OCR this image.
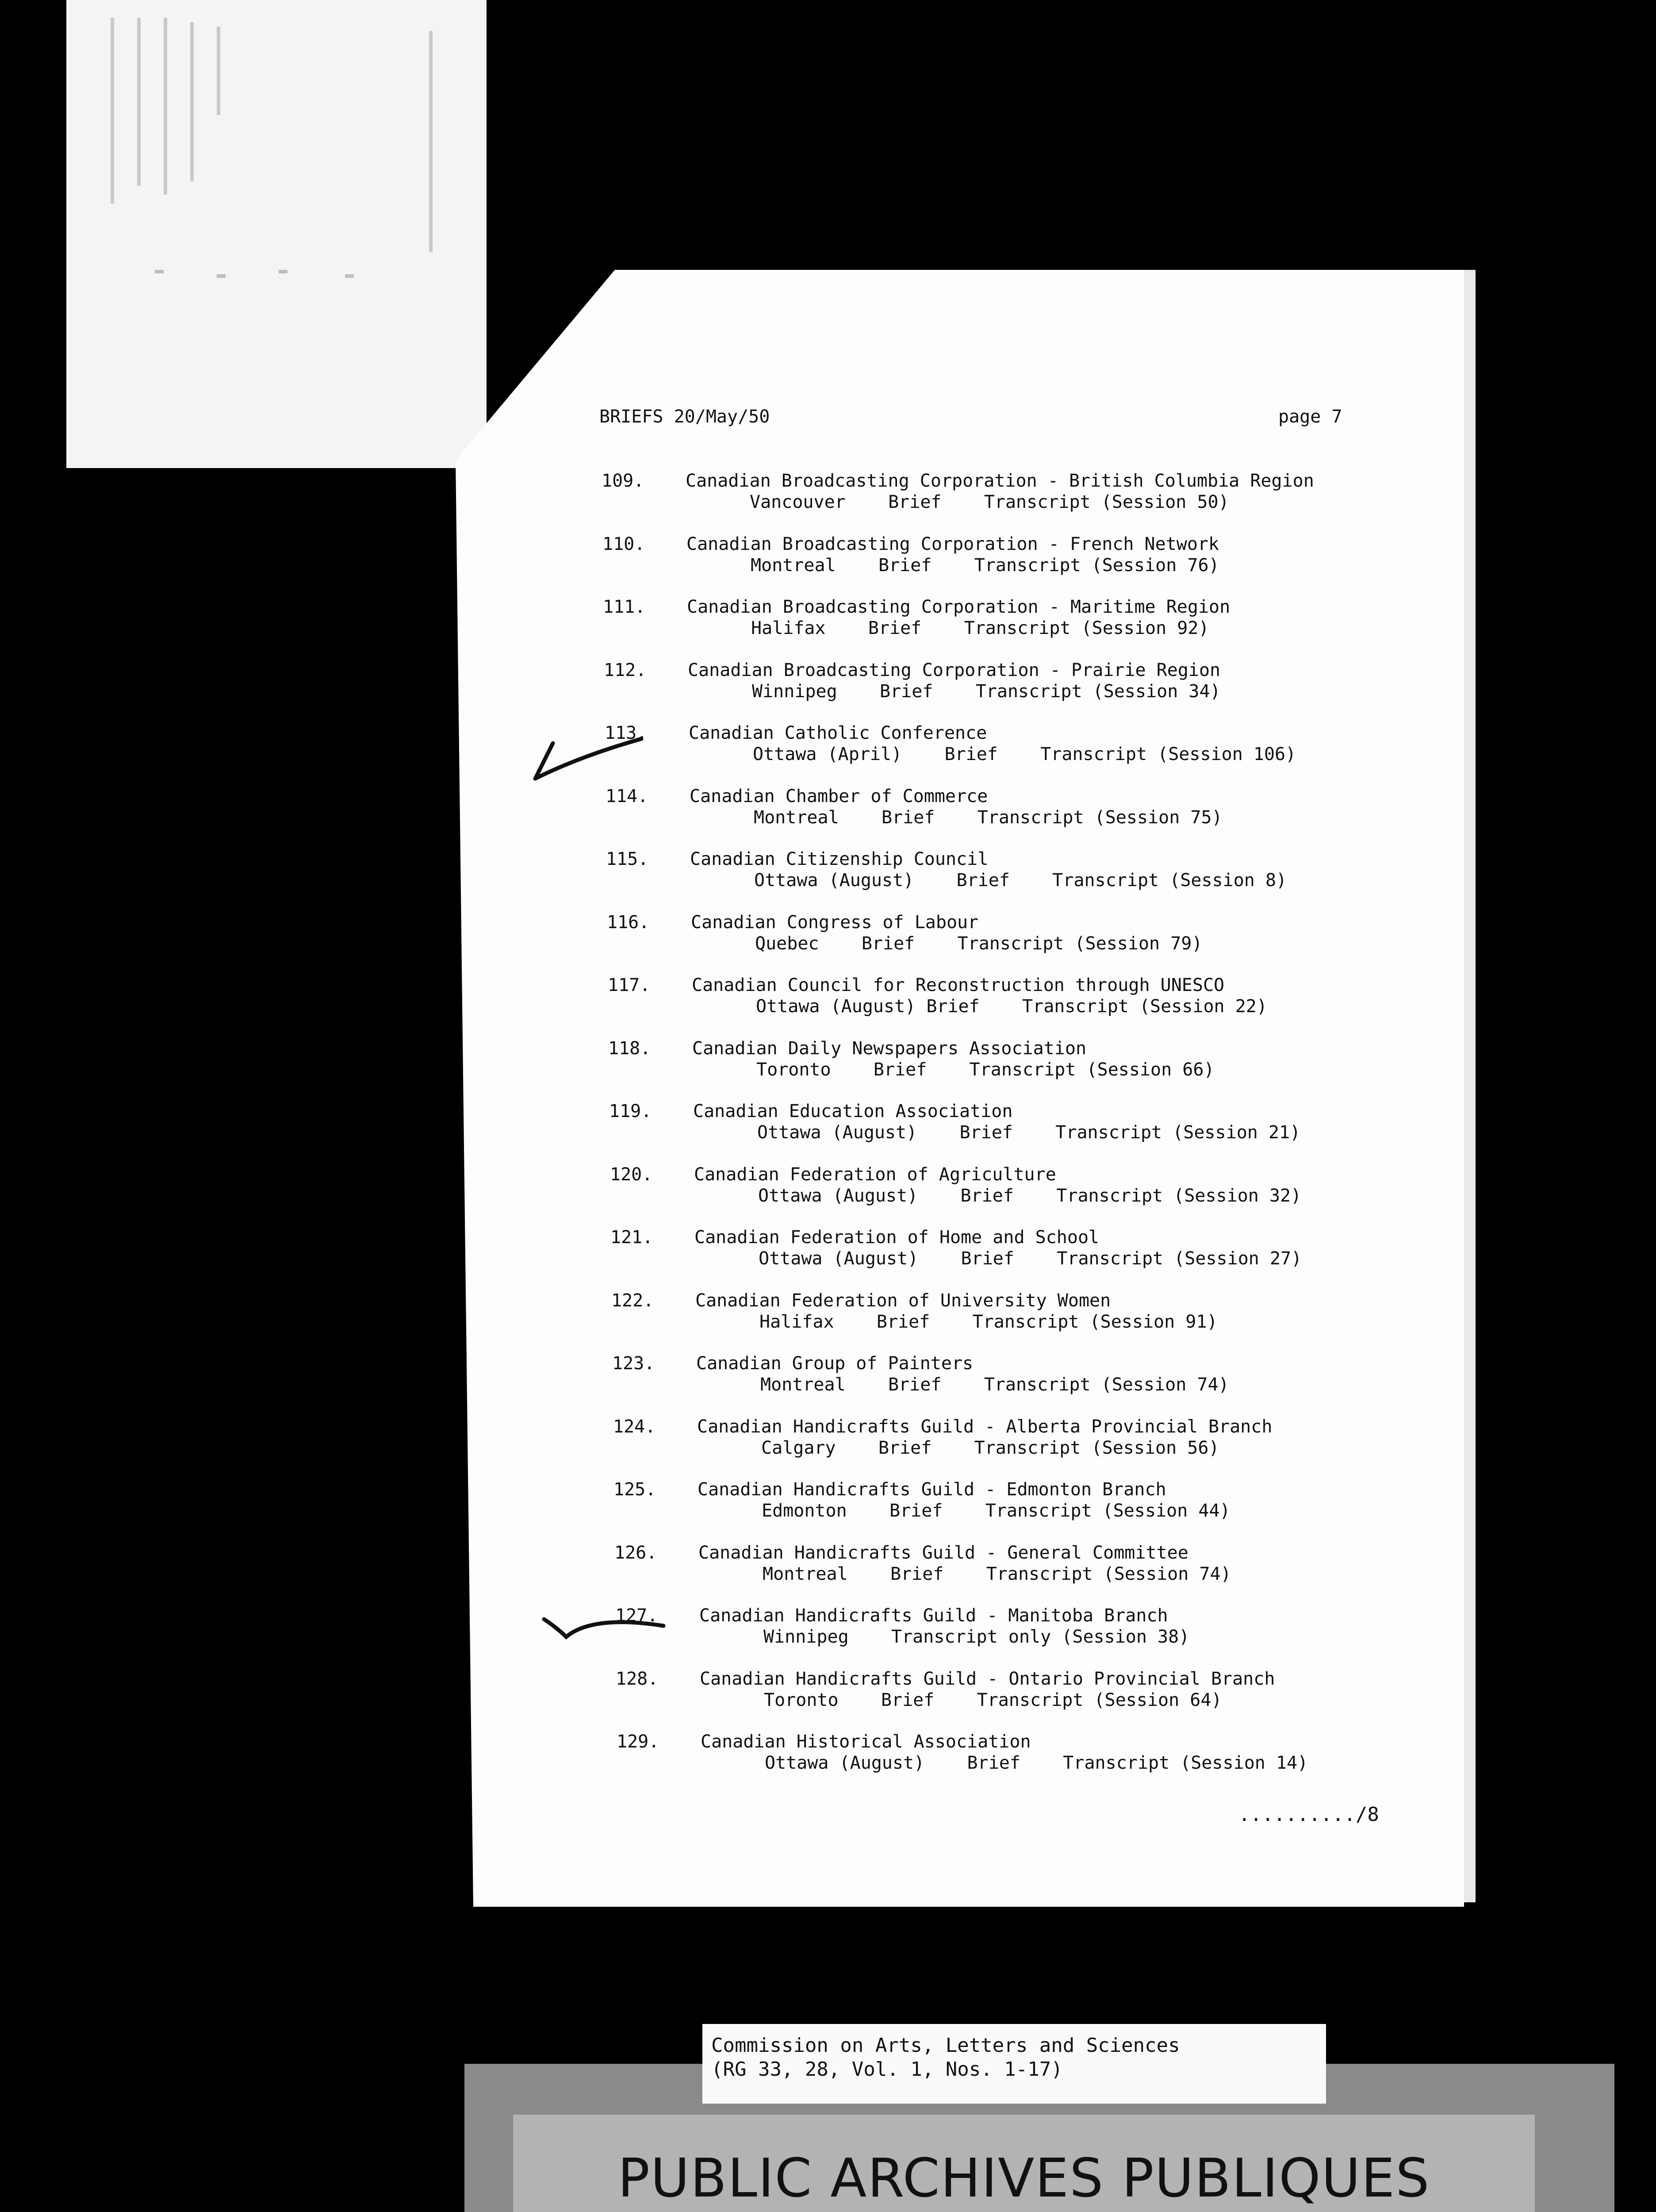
BRIEFS 20/May/50	page 7
109. Canadian Broadcasting Corporation - British Columbia Region
Vancouver    Brief    Transcript (Session 50)
110. Canadian Broadcasting Corporation - French Network
Montreal    Brief    Transcript (Session 76)
111. Canadian Broadcasting Corporation - Maritime Region
Halifax    Brief    Transcript (Session 92)
112. Canadian Broadcasting Corporation - Prairie Region
Winnipeg    Brief    Transcript (Session 34)
113. Canadian Catholic Conference
Ottawa (April)    Brief    Transcript (Session 106)
114. Canadian Chamber of Commerce
Montreal    Brief    Transcript (Session 75)
115. Canadian Citizenship Council
Ottawa (August)    Brief    Transcript (Session 8)
116. Canadian Congress of Labour
Quebec    Brief    Transcript (Session 79)
117. Canadian Council for Reconstruction through UNESCO
Ottawa (August) Brief    Transcript (Session 22)
118. Canadian Daily Newspapers Association
Toronto    Brief    Transcript (Session 66)
119. Canadian Education Association
Ottawa (August)    Brief    Transcript (Session 21)
120. Canadian Federation of Agriculture
Ottawa (August)    Brief    Transcript (Session 32)
121. Canadian Federation of Home and School
Ottawa (August)    Brief    Transcript (Session 27)
122. Canadian Federation of University Women
Halifax    Brief    Transcript (Session 91)
123. Canadian Group of Painters
Montreal    Brief    Transcript (Session 74)
124. Canadian Handicrafts Guild - Alberta Provincial Branch
Calgary    Brief    Transcript (Session 56)
125. Canadian Handicrafts Guild - Edmonton Branch
Edmonton    Brief    Transcript (Session 44)
126. Canadian Handicrafts Guild - General Committee
Montreal    Brief    Transcript (Session 74)
127. Canadian Handicrafts Guild - Manitoba Branch
Winnipeg    Transcript only (Session 38)
128. Canadian Handicrafts Guild - Ontario Provincial Branch
Toronto    Brief    Transcript (Session 64)
129. Canadian Historical Association
Ottawa (August)    Brief    Transcript (Session 14)
........../8
Commission on Arts, Letters and Sciences
(RG 33, 28, Vol. 1, Nos. 1-17)
PUBLIC ARCHIVES PUBLIQUES
